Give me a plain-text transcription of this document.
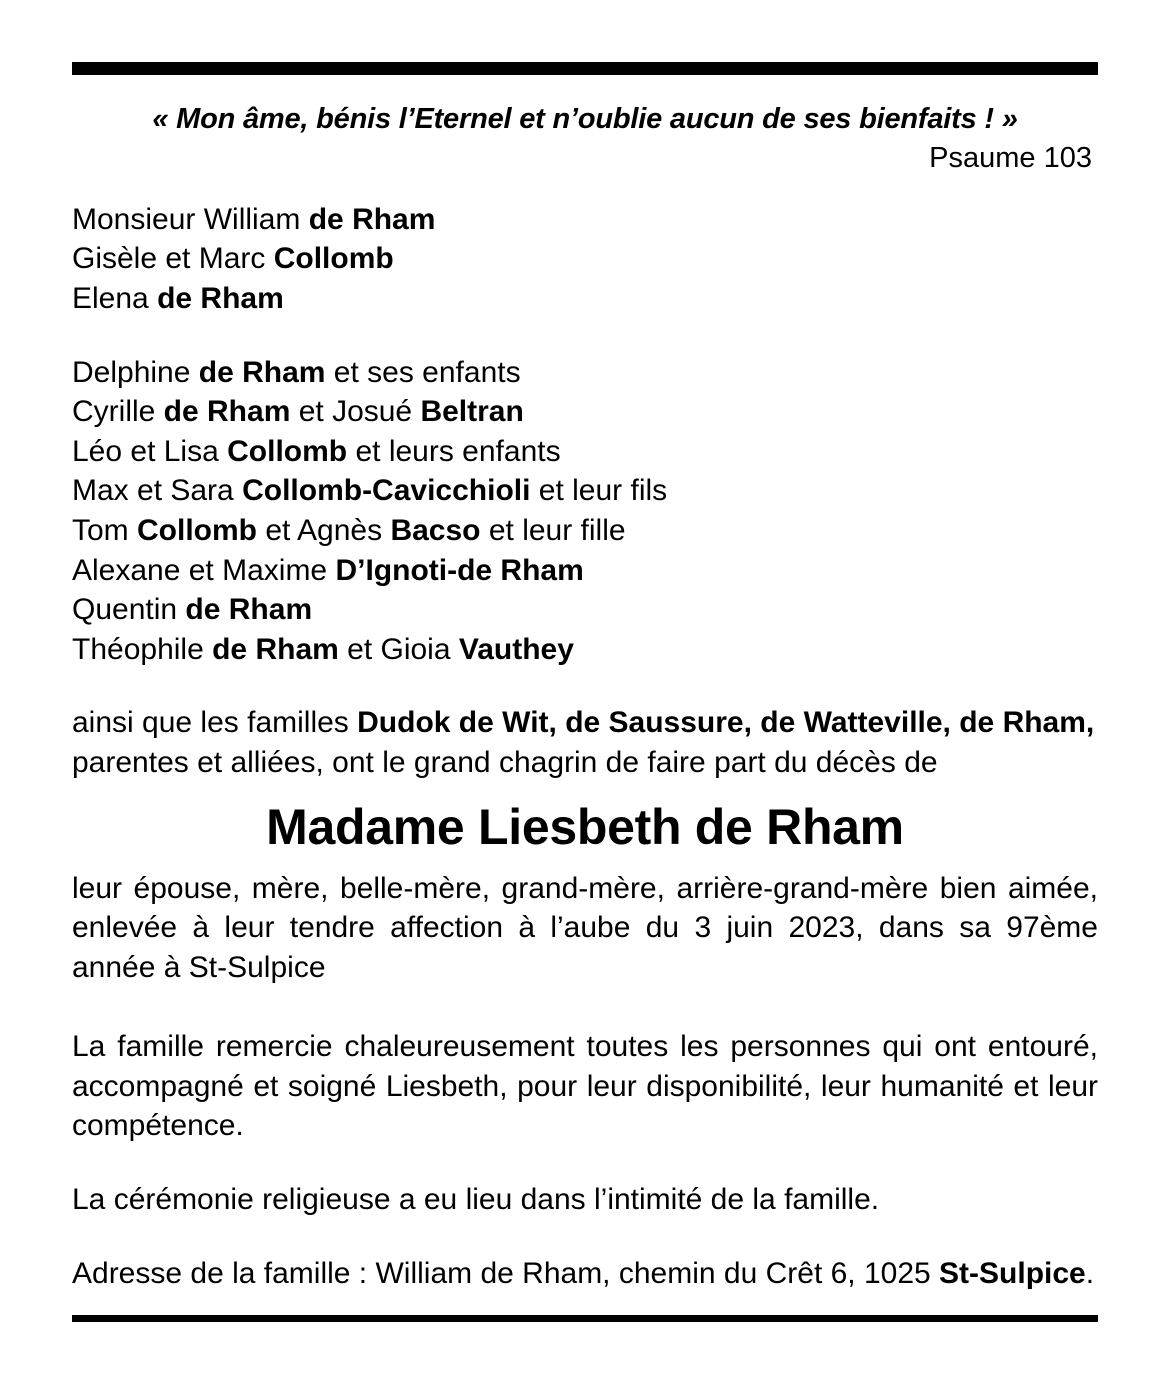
« Mon âme, bénis l’Eternel et n’oublie aucun de ses bienfaits ! »
Psaume 103
Monsieur William de Rham
Gisèle et Marc Collomb
Elena de Rham
Delphine de Rham et ses enfants
Cyrille de Rham et Josué Beltran
Léo et Lisa Collomb et leurs enfants
Max et Sara Collomb-Cavicchioli et leur fils
Tom Collomb et Agnès Bacso et leur fille
Alexane et Maxime D’Ignoti-de Rham
Quentin de Rham
Théophile de Rham et Gioia Vauthey
ainsi que les familles Dudok de Wit, de Saussure, de Watteville, de Rham,
parentes et alliées, ont le grand chagrin de faire part du décès de
Madame Liesbeth de Rham
leur épouse, mère, belle-mère, grand-mère, arrière-grand-mère bien aimée, enlevée à leur tendre affection à l’aube du 3 juin 2023, dans sa 97ème année à St-Sulpice
La famille remercie chaleureusement toutes les personnes qui ont entouré, accompagné et soigné Liesbeth, pour leur disponibilité, leur humanité et leur compétence.
La cérémonie religieuse a eu lieu dans l’intimité de la famille.
Adresse de la famille : William de Rham, chemin du Crêt 6, 1025 St-Sulpice.
